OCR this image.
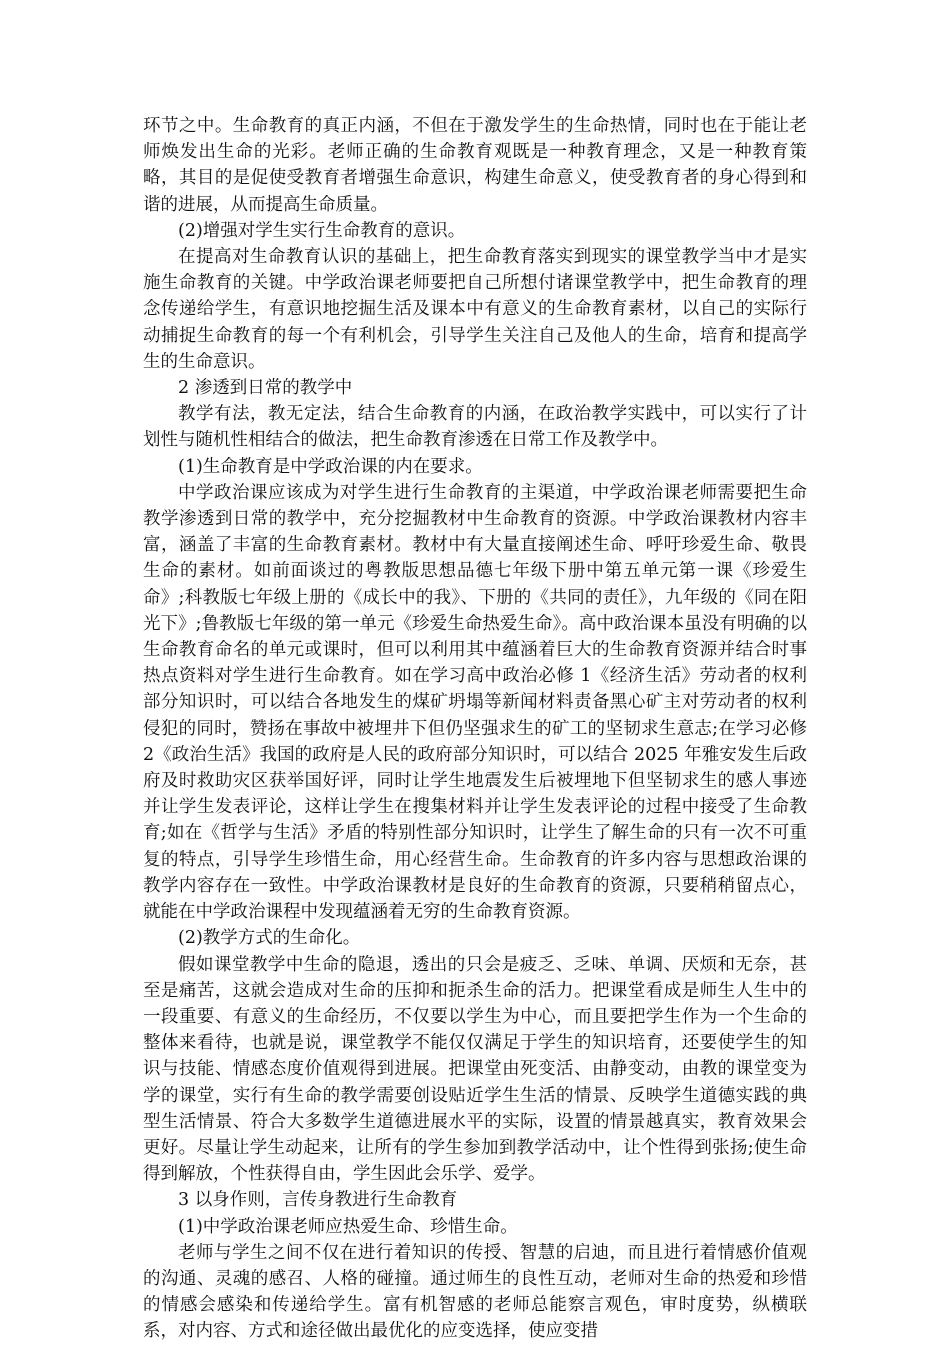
环节之中。生命教育的真正内涵，不但在于激发学生的生命热情，同时也在于能让老师焕发出生命的光彩。老师正确的生命教育观既是一种教育理念，又是一种教育策略，其目的是促使受教育者增强生命意识，构建生命意义，使受教育者的身心得到和谐的进展，从而提高生命质量。

(2)增强对学生实行生命教育的意识。

在提高对生命教育认识的基础上，把生命教育落实到现实的课堂教学当中才是实施生命教育的关键。中学政治课老师要把自己所想付诸课堂教学中，把生命教育的理念传递给学生，有意识地挖掘生活及课本中有意义的生命教育素材，以自己的实际行动捕捉生命教育的每一个有利机会，引导学生关注自己及他人的生命，培育和提高学生的生命意识。

2 渗透到日常的教学中

教学有法，教无定法，结合生命教育的内涵，在政治教学实践中，可以实行了计划性与随机性相结合的做法，把生命教育渗透在日常工作及教学中。

(1)生命教育是中学政治课的内在要求。

中学政治课应该成为对学生进行生命教育的主渠道，中学政治课老师需要把生命教学渗透到日常的教学中，充分挖掘教材中生命教育的资源。中学政治课教材内容丰富，涵盖了丰富的生命教育素材。教材中有大量直接阐述生命、呼吁珍爱生命、敬畏生命的素材。如前面谈过的粤教版思想品德七年级下册中第五单元第一课《珍爱生命》;科教版七年级上册的《成长中的我》、下册的《共同的责任》，九年级的《同在阳光下》;鲁教版七年级的第一单元《珍爱生命热爱生命》。高中政治课本虽没有明确的以生命教育命名的单元或课时，但可以利用其中蕴涵着巨大的生命教育资源并结合时事热点资料对学生进行生命教育。如在学习高中政治必修 1《经济生活》劳动者的权利部分知识时，可以结合各地发生的煤矿坍塌等新闻材料责备黑心矿主对劳动者的权利侵犯的同时，赞扬在事故中被埋井下但仍坚强求生的矿工的坚韧求生意志;在学习必修 2《政治生活》我国的政府是人民的政府部分知识时，可以结合 2025 年雅安发生后政府及时救助灾区获举国好评，同时让学生地震发生后被埋地下但坚韧求生的感人事迹并让学生发表评论，这样让学生在搜集材料并让学生发表评论的过程中接受了生命教育;如在《哲学与生活》矛盾的特别性部分知识时，让学生了解生命的只有一次不可重复的特点，引导学生珍惜生命，用心经营生命。生命教育的许多内容与思想政治课的教学内容存在一致性。中学政治课教材是良好的生命教育的资源，只要稍稍留点心，就能在中学政治课程中发现蕴涵着无穷的生命教育资源。

(2)教学方式的生命化。

假如课堂教学中生命的隐退，透出的只会是疲乏、乏味、单调、厌烦和无奈，甚至是痛苦，这就会造成对生命的压抑和扼杀生命的活力。把课堂看成是师生人生中的一段重要、有意义的生命经历，不仅要以学生为中心，而且要把学生作为一个生命的整体来看待，也就是说，课堂教学不能仅仅满足于学生的知识培育，还要使学生的知识与技能、情感态度价值观得到进展。把课堂由死变活、由静变动，由教的课堂变为学的课堂，实行有生命的教学需要创设贴近学生生活的情景、反映学生道德实践的典型生活情景、符合大多数学生道德进展水平的实际，设置的情景越真实，教育效果会更好。尽量让学生动起来，让所有的学生参加到教学活动中，让个性得到张扬;使生命得到解放，个性获得自由，学生因此会乐学、爱学。

3 以身作则，言传身教进行生命教育

(1)中学政治课老师应热爱生命、珍惜生命。

老师与学生之间不仅在进行着知识的传授、智慧的启迪，而且进行着情感价值观的沟通、灵魂的感召、人格的碰撞。通过师生的良性互动，老师对生命的热爱和珍惜的情感会感染和传递给学生。富有机智感的老师总能察言观色，审时度势，纵横联系，对内容、方式和途径做出最优化的应变选择，使应变措
